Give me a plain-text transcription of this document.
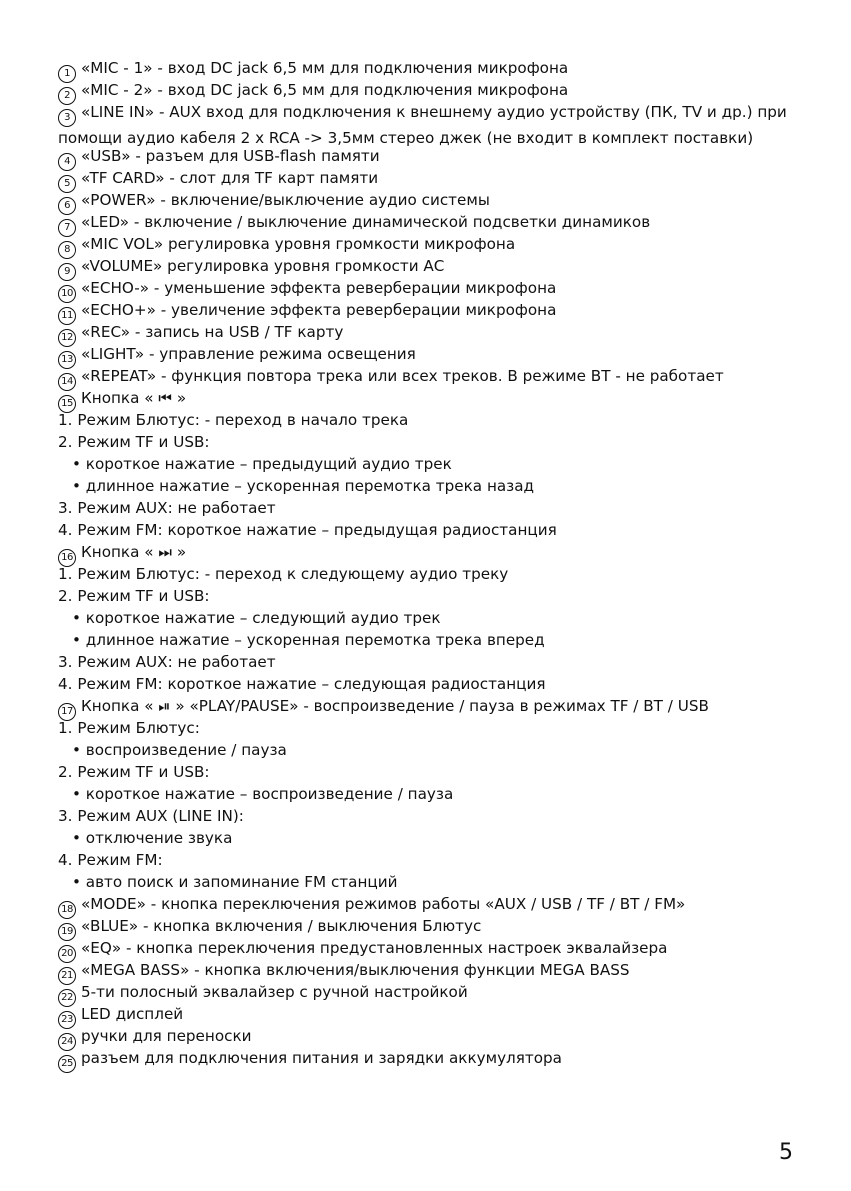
1 «MIC - 1» - вход DC jack 6,5 мм для подключения микрофона
2 «MIC - 2» - вход DC jack 6,5 мм для подключения микрофона
3 «LINE IN» - AUX вход для подключения к внешнему аудио устройству (ПК, TV и др.) при помощи аудио кабеля 2 х RCA -> 3,5мм стерео джек (не входит в комплект поставки)
4 «USB» - разъем для USB-flash памяти
5 «TF CARD» - слот для TF карт памяти
6 «POWER» - включение/выключение аудио системы
7 «LED» - включение / выключение динамической подсветки динамиков
8 «MIC VOL» регулировка уровня громкости микрофона
9 «VOLUME» регулировка уровня громкости АС
10 «ECHO-» - уменьшение эффекта реверберации микрофона
11 «ECHO+» - увеличение эффекта реверберации микрофона
12 «REC» - запись на USB / TF карту
13 «LIGHT» - управление режима освещения
14 «REPEAT» - функция повтора трека или всех треков. В режиме BT - не работает
15 Кнопка « ⏮ »
1. Режим Блютус: - переход в начало трека
2. Режим TF и USB:
• короткое нажатие – предыдущий аудио трек
• длинное нажатие – ускоренная перемотка трека назад
3. Режим AUX: не работает
4. Режим FM: короткое нажатие – предыдущая радиостанция
16 Кнопка « ⏭ »
1. Режим Блютус: - переход к следующему аудио треку
2. Режим TF и USB:
• короткое нажатие – следующий аудио трек
• длинное нажатие – ускоренная перемотка трека вперед
3. Режим AUX: не работает
4. Режим FM: короткое нажатие – следующая радиостанция
17 Кнопка « ⏯ » «PLAY/PAUSE» - воспроизведение / пауза в режимах TF / BT / USB
1. Режим Блютус:
• воспроизведение / пауза
2. Режим TF и USB:
• короткое нажатие – воспроизведение / пауза
3. Режим AUX (LINE IN):
• отключение звука
4. Режим FM:
• авто поиск и запоминание FM станций
18 «MODE» - кнопка переключения режимов работы «AUX / USB / TF / BT / FM»
19 «BLUE» - кнопка включения / выключения Блютус
20 «EQ» - кнопка переключения предустановленных настроек эквалайзера
21 «MEGA BASS» - кнопка включения/выключения функции MEGA BASS
22 5-ти полосный эквалайзер с ручной настройкой
23 LED дисплей
24 ручки для переноски
25 разъем для подключения питания и зарядки аккумулятора
5
